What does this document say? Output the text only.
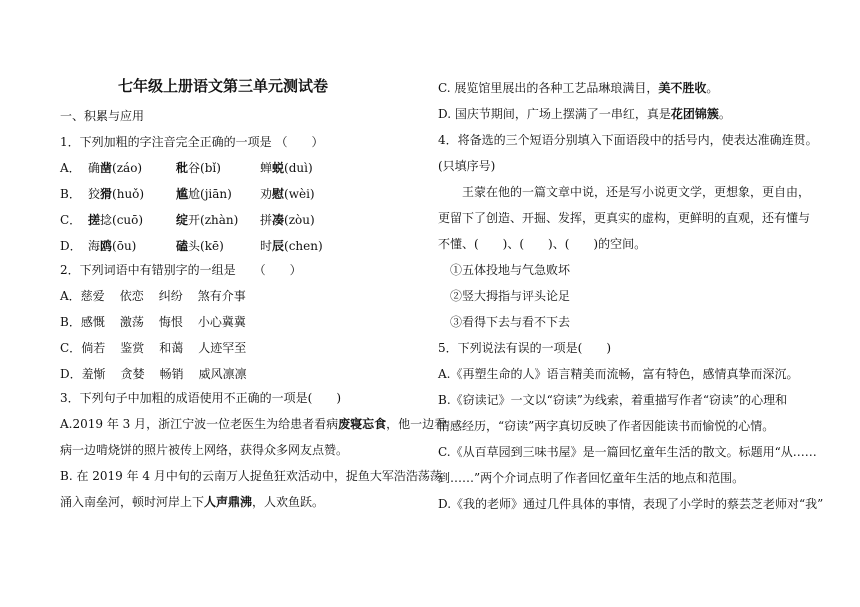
七年级上册语文第三单元测试卷
一、积累与应用
1．下列加粗的字注音完全正确的一项是 （　　）
A． 确凿(záo)	秕谷(bǐ)	蝉蜕(duì)
B． 狡猾(huǒ)	尴尬(jiān) 劝慰(wèi)
C． 搓捻(cuō)	绽开(zhàn) 拼凑(zòu)
D． 海鸥(ōu)	磕头(kē)	时辰(chen)
2．下列词语中有错别字的一组是　　（　　）
A．慈爱 依恋 纠纷 煞有介事
B．感慨 激荡 悔恨 小心冀冀
C．倘若 鉴赏 和蔼 人迹罕至
D．羞惭 贪婪 畅销 威风凛凛
3．下列句子中加粗的成语使用不正确的一项是(　　)
A.2019 年 3 月，浙江宁波一位老医生为给患者看病废寝忘食，他一边看
病一边啃烧饼的照片被传上网络，获得众多网友点赞。
B. 在 2019 年 4 月中旬的云南万人捉鱼狂欢活动中，捉鱼大军浩浩荡荡
涌入南垒河，顿时河岸上下人声鼎沸，人欢鱼跃。
C. 展览馆里展出的各种工艺品琳琅满目，美不胜收。
D. 国庆节期间，广场上摆满了一串红，真是花团锦簇。
4．将备选的三个短语分别填入下面语段中的括号内，使表达准确连贯。
(只填序号)
王蒙在他的一篇文章中说，还是写小说更文学，更想象，更自由，
更留下了创造、开掘、发挥，更真实的虚构，更鲜明的直观，还有懂与
不懂、(　　)、(　　)、(　　)的空间。
①五体投地与气急败坏
②竖大拇指与评头论足
③看得下去与看不下去
5．下列说法有误的一项是(　　)
A.《再塑生命的人》语言精美而流畅，富有特色，感情真挚而深沉。
B.《窃读记》一文以“窃读”为线索，着重描写作者“窃读”的心理和
情感经历，“窃读”两字真切反映了作者因能读书而愉悦的心情。
C.《从百草园到三味书屋》是一篇回忆童年生活的散文。标题用“从……
到……”两个介词点明了作者回忆童年生活的地点和范围。
D.《我的老师》通过几件具体的事情，表现了小学时的蔡芸芝老师对“我”
